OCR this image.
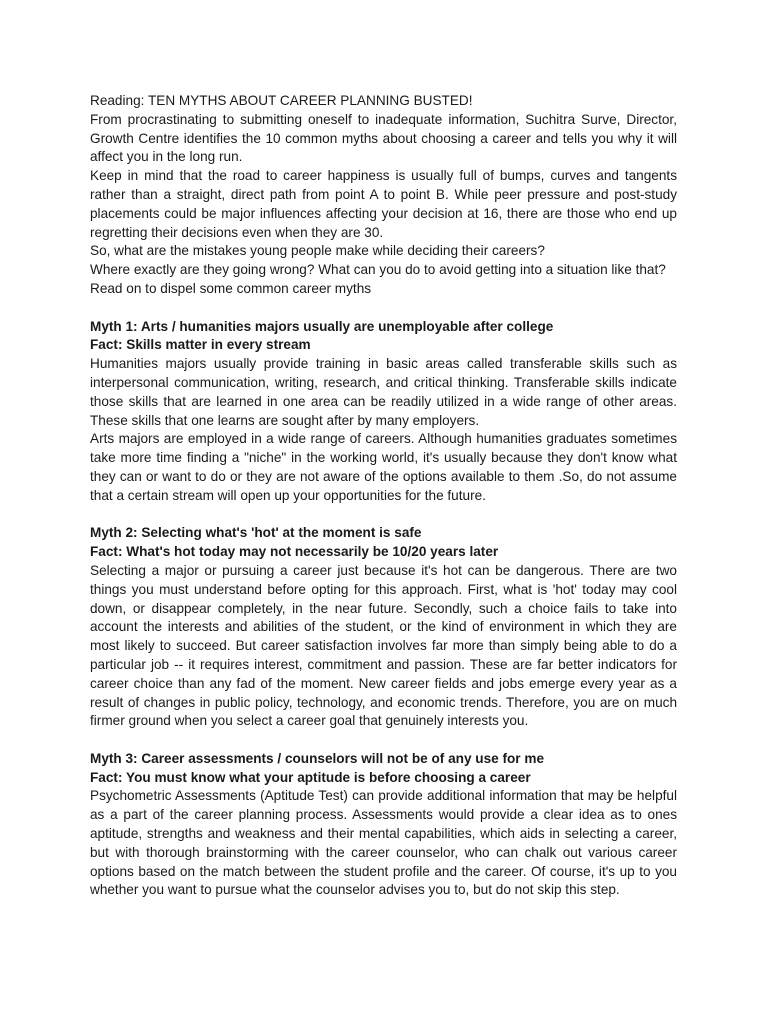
Reading: TEN MYTHS ABOUT CAREER PLANNING BUSTED!

From procrastinating to submitting oneself to inadequate information, Suchitra Surve, Director, Growth Centre identifies the 10 common myths about choosing a career and tells you why it will affect you in the long run.

Keep in mind that the road to career happiness is usually full of bumps, curves and tangents rather than a straight, direct path from point A to point B. While peer pressure and post-study placements could be major influences affecting your decision at 16, there are those who end up regretting their decisions even when they are 30.

So, what are the mistakes young people make while deciding their careers?

Where exactly are they going wrong? What can you do to avoid getting into a situation like that? Read on to dispel some common career myths

Myth 1: Arts / humanities majors usually are unemployable after college

Fact: Skills matter in every stream

Humanities majors usually provide training in basic areas called transferable skills such as interpersonal communication, writing, research, and critical thinking. Transferable skills indicate those skills that are learned in one area can be readily utilized in a wide range of other areas. These skills that one learns are sought after by many employers.

Arts majors are employed in a wide range of careers. Although humanities graduates sometimes take more time finding a "niche" in the working world, it's usually because they don't know what they can or want to do or they are not aware of the options available to them .So, do not assume that a certain stream will open up your opportunities for the future.

Myth 2: Selecting what's 'hot' at the moment is safe

Fact: What's hot today may not necessarily be 10/20 years later

Selecting a major or pursuing a career just because it's hot can be dangerous. There are two things you must understand before opting for this approach. First, what is 'hot' today may cool down, or disappear completely, in the near future. Secondly, such a choice fails to take into account the interests and abilities of the student, or the kind of environment in which they are most likely to succeed. But career satisfaction involves far more than simply being able to do a particular job -- it requires interest, commitment and passion. These are far better indicators for career choice than any fad of the moment. New career fields and jobs emerge every year as a result of changes in public policy, technology, and economic trends. Therefore, you are on much firmer ground when you select a career goal that genuinely interests you.

Myth 3: Career assessments / counselors will not be of any use for me

Fact: You must know what your aptitude is before choosing a career

Psychometric Assessments (Aptitude Test) can provide additional information that may be helpful as a part of the career planning process. Assessments would provide a clear idea as to ones aptitude, strengths and weakness and their mental capabilities, which aids in selecting a career, but with thorough brainstorming with the career counselor, who can chalk out various career options based on the match between the student profile and the career. Of course, it's up to you whether you want to pursue what the counselor advises you to, but do not skip this step.
